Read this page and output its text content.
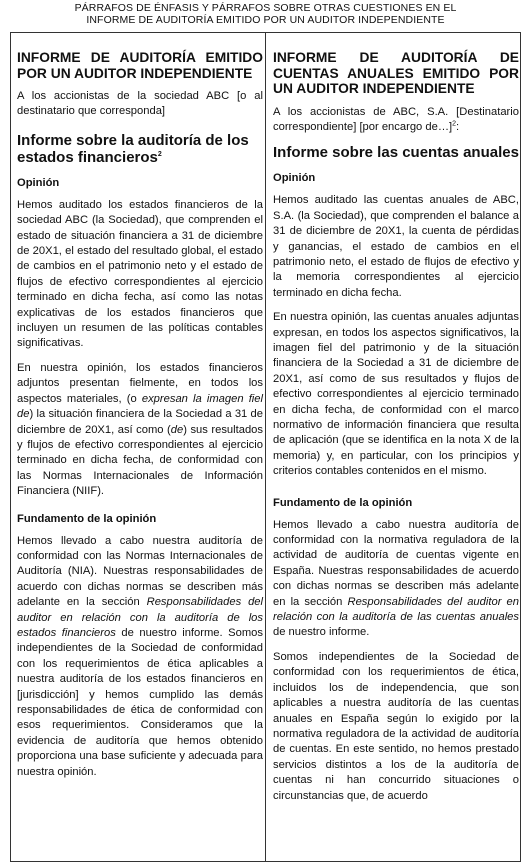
PÁRRAFOS DE ÉNFASIS Y PÁRRAFOS SOBRE OTRAS CUESTIONES EN EL
INFORME DE AUDITORÍA EMITIDO POR UN AUDITOR INDEPENDIENTE
INFORME DE AUDITORÍA EMITIDO POR UN AUDITOR INDEPENDIENTE

A los accionistas de la sociedad ABC [o al destinatario que corresponda]

Informe sobre la auditoría de los estados financieros$^2$
Opinión

Hemos auditado los estados financieros de la sociedad ABC (la Sociedad), que comprenden el estado de situación financiera a 31 de diciembre de 20X1, el estado del resultado global, el estado de cambios en el patrimonio neto y el estado de flujos de efectivo correspondientes al ejercicio terminado en dicha fecha, así como las notas explicativas de los estados financieros que incluyen un resumen de las políticas contables significativas.

En nuestra opinión, los estados financieros adjuntos presentan fielmente, en todos los aspectos materiales, (o expresan la imagen fiel de) la situación financiera de la Sociedad a 31 de diciembre de 20X1, así como (de) sus resultados y flujos de efectivo correspondientes al ejercicio terminado en dicha fecha, de conformidad con las Normas Internacionales de Información Financiera (NIIF).

Fundamento de la opinión

Hemos llevado a cabo nuestra auditoría de conformidad con las Normas Internacionales de Auditoría (NIA). Nuestras responsabilidades de acuerdo con dichas normas se describen más adelante en la sección Responsabilidades del auditor en relación con la auditoría de los estados financieros de nuestro informe. Somos independientes de la Sociedad de conformidad con los requerimientos de ética aplicables a nuestra auditoría de los estados financieros en [jurisdicción] y hemos cumplido las demás responsabilidades de ética de conformidad con esos requerimientos. Consideramos que la evidencia de auditoría que hemos obtenido proporciona una base suficiente y adecuada para nuestra opinión.

INFORME DE AUDITORÍA DE CUENTAS ANUALES EMITIDO POR UN AUDITOR INDEPENDIENTE

A los accionistas de ABC, S.A. [Destinatario correspondiente] [por encargo de…]$^2$:

Informe sobre las cuentas anuales
Opinión

Hemos auditado las cuentas anuales de ABC, S.A. (la Sociedad), que comprenden el balance a 31 de diciembre de 20X1, la cuenta de pérdidas y ganancias, el estado de cambios en el patrimonio neto, el estado de flujos de efectivo y la memoria correspondientes al ejercicio terminado en dicha fecha.

En nuestra opinión, las cuentas anuales adjuntas expresan, en todos los aspectos significativos, la imagen fiel del patrimonio y de la situación financiera de la Sociedad a 31 de diciembre de 20X1, así como de sus resultados y flujos de efectivo correspondientes al ejercicio terminado en dicha fecha, de conformidad con el marco normativo de información financiera que resulta de aplicación (que se identifica en la nota X de la memoria) y, en particular, con los principios y criterios contables contenidos en el mismo.

Fundamento de la opinión

Hemos llevado a cabo nuestra auditoría de conformidad con la normativa reguladora de la actividad de auditoría de cuentas vigente en España. Nuestras responsabilidades de acuerdo con dichas normas se describen más adelante en la sección Responsabilidades del auditor en relación con la auditoría de las cuentas anuales de nuestro informe.

Somos independientes de la Sociedad de conformidad con los requerimientos de ética, incluidos los de independencia, que son aplicables a nuestra auditoría de las cuentas anuales en España según lo exigido por la normativa reguladora de la actividad de auditoría de cuentas. En este sentido, no hemos prestado servicios distintos a los de la auditoría de cuentas ni han concurrido situaciones o circunstancias que, de acuerdo
